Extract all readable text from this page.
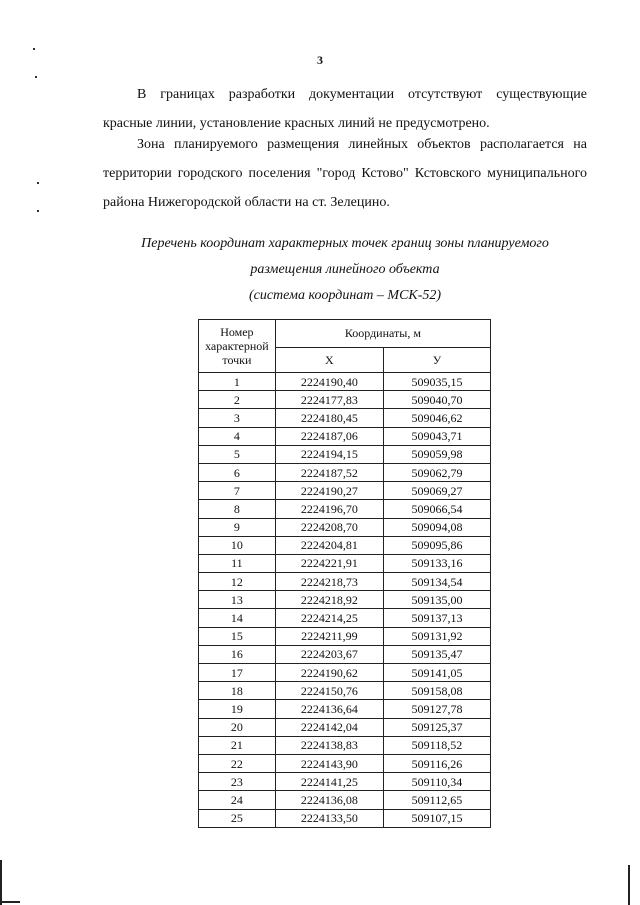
3
В границах разработки документации отсутствуют существующие красные линии, установление красных линий не предусмотрено.
Зона планируемого размещения линейных объектов располагается на территории городского поселения "город Кстово" Кстовского муниципального района Нижегородской области на ст. Зелецино.
Перечень координат характерных точек границ зоны планируемого
размещения линейного объекта
(система координат – МСК-52)
Номер характерной точки	Координаты, м	
	X	У
1	2224190,40	509035,15
2	2224177,83	509040,70
3	2224180,45	509046,62
4	2224187,06	509043,71
5	2224194,15	509059,98
6	2224187,52	509062,79
7	2224190,27	509069,27
8	2224196,70	509066,54
9	2224208,70	509094,08
10	2224204,81	509095,86
11	2224221,91	509133,16
12	2224218,73	509134,54
13	2224218,92	509135,00
14	2224214,25	509137,13
15	2224211,99	509131,92
16	2224203,67	509135,47
17	2224190,62	509141,05
18	2224150,76	509158,08
19	2224136,64	509127,78
20	2224142,04	509125,37
21	2224138,83	509118,52
22	2224143,90	509116,26
23	2224141,25	509110,34
24	2224136,08	509112,65
25	2224133,50	509107,15
